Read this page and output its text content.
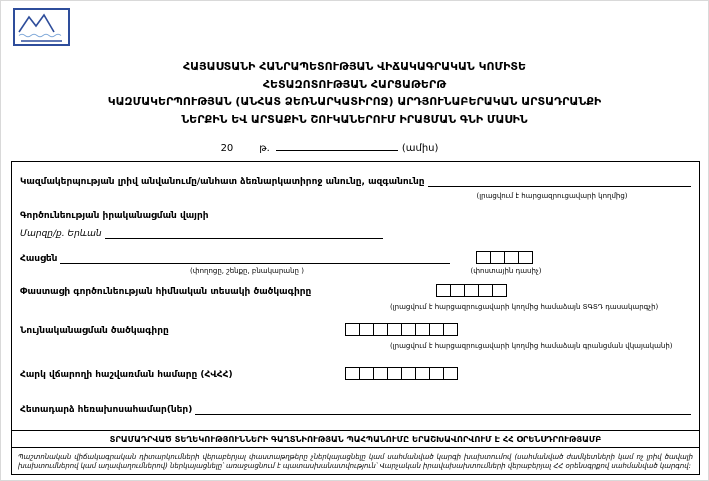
ՀԱՅԱՍՏԱՆԻ ՀԱՆՐԱՊԵՏՈՒԹՅԱՆ ՎԻՃԱԿԱԳՐԱԿԱՆ ԿՈՄԻՏԵ
ՀԵՏԱԶՈՏՈՒԹՅԱՆ ՀԱՐՑԱԹԵՐԹ
ԿԱԶՄԱԿԵՐՊՈՒԹՅԱՆ (ԱՆՀԱՏ ՁԵՌՆԱՐԿԱՏԻՐՈՋ) ԱՐԴՅՈՒՆԱԲԵՐԱԿԱՆ ԱՐՏԱԴՐԱՆՔԻ
ՆԵՐՔԻՆ ԵՎ ԱՐՏԱՔԻՆ ՇՈՒԿԱՆԵՐՈՒՄ ԻՐԱՑՄԱՆ ԳՆԻ ՄԱՍԻՆ
20	թ.	(ամիս)
Կազմակերպության լրիվ անվանումը/անհատ ձեռնարկատիրոջ անունը, ազգանունը
(լրացվում է հարցազրուցավարի կողմից)
Գործունեության իրականացման վայրի
Մարզը/ք. Երևան
Հասցեն
(փողոցը, շենքը, բնակարանը )	(փոստային դասիչ)
Փաստացի գործունեության հիմնական տեսակի ծածկագիրը
(լրացվում է հարցազրուցավարի կողմից համաձայն ՏԳՏԴ դասակարգչի)
Նույնականացման ծածկագիրը
(լրացվում է հարցազրուցավարի կողմից համաձայն գրանցման վկայականի)
Հարկ վճարողի հաշվառման համարը (ՀՎՀՀ)
Հետադարձ հեռախոսահամար(ներ)
ՏՐԱՄԱԴՐՎԱԾ ՏԵՂԵԿՈՒԹՅՈՒՆՆԵՐԻ ԳԱՂՏՆԻՈՒԹՅԱՆ ՊԱՀՊԱՆՈՒՄԸ ԵՐԱՇԽԱՎՈՐՎՈՒՄ Է ՀՀ ՕՐԵՆՍԴՐՈՒԹՅԱՄԲ
Պաշտոնական վիճակագրական դիտարկումների վերաբերյալ փաստաթղթերը չներկայացնելը կամ սահմանված կարգի խախտումով (սահմանված ժամկետների կամ ոչ լրիվ ծավալի խախտումներով կամ աղավաղումներով) ներկայացնելը՝ առաջացնում է պատասխանատվություն՝ Վարչական իրավախախտումների վերաբերյալ ՀՀ օրենսգրքով սահմանված կարգով:
